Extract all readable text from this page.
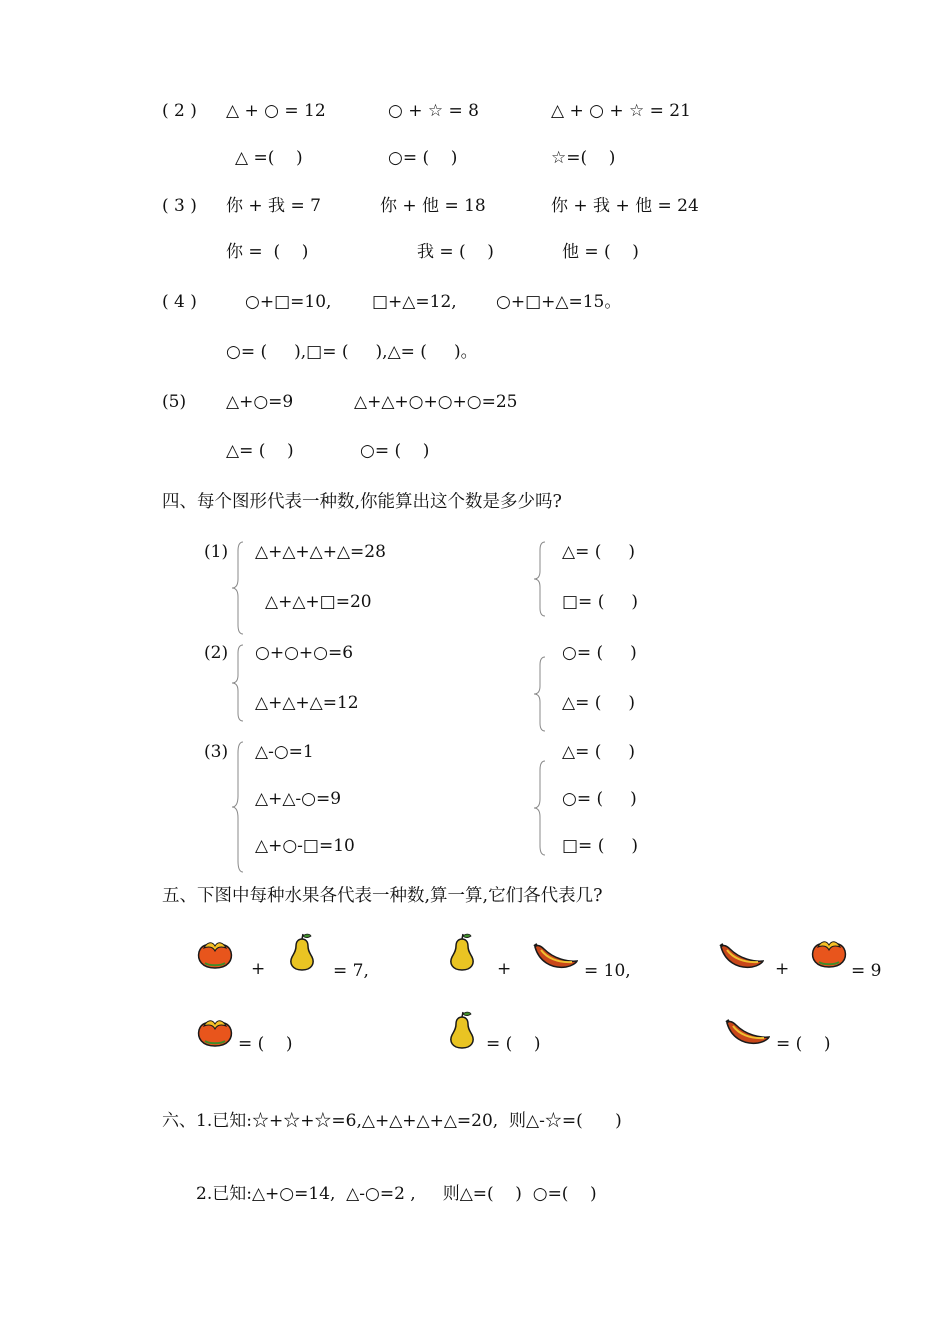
( 2 ) △ + ○ = 12	○ + ☆ = 8	△ + ○ + ☆ = 21
△ =(    )	○= (    )	☆=(    )
( 3 ) 你 + 我 = 7	你 + 他 = 18	你 + 我 + 他 = 24
你 =  (    )	我 = (    )	他 = (    )
( 4 )	○+□=10, □+△=12, ○+□+△=15。
○= (     ),□= (     ),△= (     )。
(5) △+○=9	△+△+○+○+○=25
△= (    )	○= (    )
四、每个图形代表一种数,你能算出这个数是多少吗?
(1) △+△+△+△=28
△+△+□=20
△= (     )
□= (     )
(2) ○+○+○=6
△+△+△=12
○= (     )
△= (     )
(3) △-○=1
△+△-○=9
△+○-□=10
△= (     )
○= (     )
□= (     )
五、下图中每种水果各代表一种数,算一算,它们各代表几?
+	= 7,	+	= 10,	+	= 9
= (    )	= (    )	= (    )
六、1.已知:☆+☆+☆=6,△+△+△+△=20,  则△-☆=(      )
2.已知:△+○=14,  △-○=2 ,     则△=(    )  ○=(    )
